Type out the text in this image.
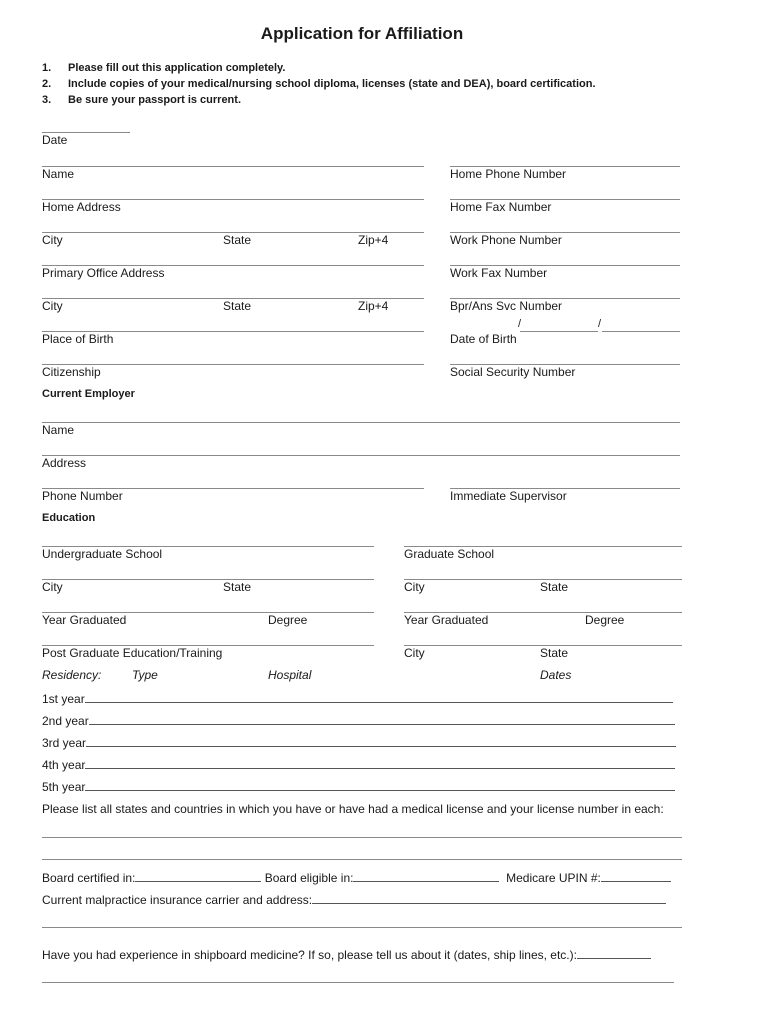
Application for Affiliation
1. Please fill out this application completely.
2. Include copies of your medical/nursing school diploma, licenses (state and DEA), board certification.
3. Be sure your passport is current.
Date
Name	Home Phone Number
Home Address	Home Fax Number
City	State	Zip+4	Work Phone Number
Primary Office Address	Work Fax Number
City	State	Zip+4	Bpr/Ans Svc Number
/	/
Place of Birth	Date of Birth
Citizenship	Social Security Number
Current Employer
Name
Address
Phone Number	Immediate Supervisor
Education
Undergraduate School	Graduate School
City	State	City	State
Year Graduated	Degree	Year Graduated	Degree
Post Graduate Education/Training	City	State
Residency:	Type	Hospital	Dates
1st year
2nd year
3rd year
4th year
5th year
Please list all states and countries in which you have or have had a medical license and your license number in each:
Board certified in:	Board eligible in:	Medicare UPIN #:
Current malpractice insurance carrier and address:
Have you had experience in shipboard medicine? If so, please tell us about it (dates, ship lines, etc.):
